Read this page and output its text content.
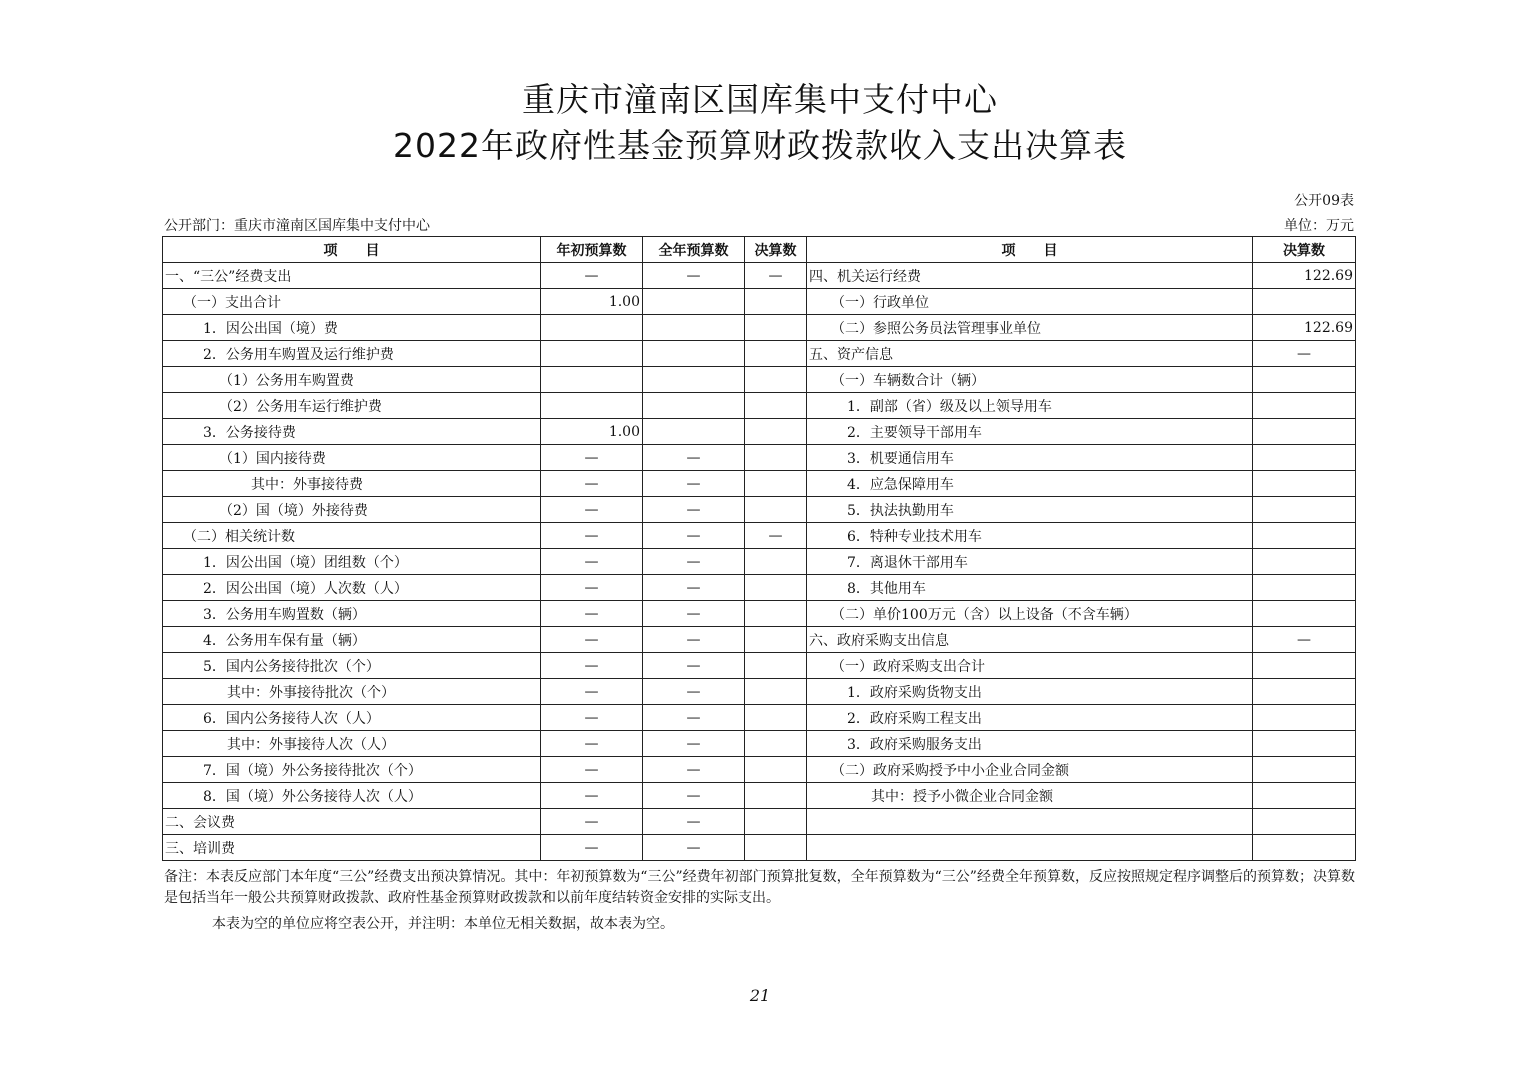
重庆市潼南区国库集中支付中心
2022年政府性基金预算财政拨款收入支出决算表
公开09表
公开部门：重庆市潼南区国库集中支付中心	单位：万元
项　　目	年初预算数	全年预算数	决算数	项　　目	决算数
一、“三公”经费支出	—	—	—	四、机关运行经费	122.69
（一）支出合计	1.00			（一）行政单位	
1．因公出国（境）费				（二）参照公务员法管理事业单位	122.69
2．公务用车购置及运行维护费				五、资产信息	—
（1）公务用车购置费				（一）车辆数合计（辆）	
（2）公务用车运行维护费				1．副部（省）级及以上领导用车	
3．公务接待费	1.00			2．主要领导干部用车	
（1）国内接待费	—	—		3．机要通信用车	
其中：外事接待费	—	—		4．应急保障用车	
（2）国（境）外接待费	—	—		5．执法执勤用车	
（二）相关统计数	—	—	—	6．特种专业技术用车	
1．因公出国（境）团组数（个）	—	—		7．离退休干部用车	
2．因公出国（境）人次数（人）	—	—		8．其他用车	
3．公务用车购置数（辆）	—	—		（二）单价100万元（含）以上设备（不含车辆）	
4．公务用车保有量（辆）	—	—		六、政府采购支出信息	—
5．国内公务接待批次（个）	—	—		（一）政府采购支出合计	
其中：外事接待批次（个）	—	—		1．政府采购货物支出	
6．国内公务接待人次（人）	—	—		2．政府采购工程支出	
其中：外事接待人次（人）	—	—		3．政府采购服务支出	
7．国（境）外公务接待批次（个）	—	—		（二）政府采购授予中小企业合同金额	
8．国（境）外公务接待人次（人）	—	—		其中：授予小微企业合同金额	
二、会议费	—	—			
三、培训费	—	—			
备注：本表反应部门本年度“三公”经费支出预决算情况。其中：年初预算数为“三公”经费年初部门预算批复数，全年预算数为“三公”经费全年预算数，反应按照规定程序调整后的预算数；决算数是包括当年一般公共预算财政拨款、政府性基金预算财政拨款和以前年度结转资金安排的实际支出。
本表为空的单位应将空表公开，并注明：本单位无相关数据，故本表为空。
21
